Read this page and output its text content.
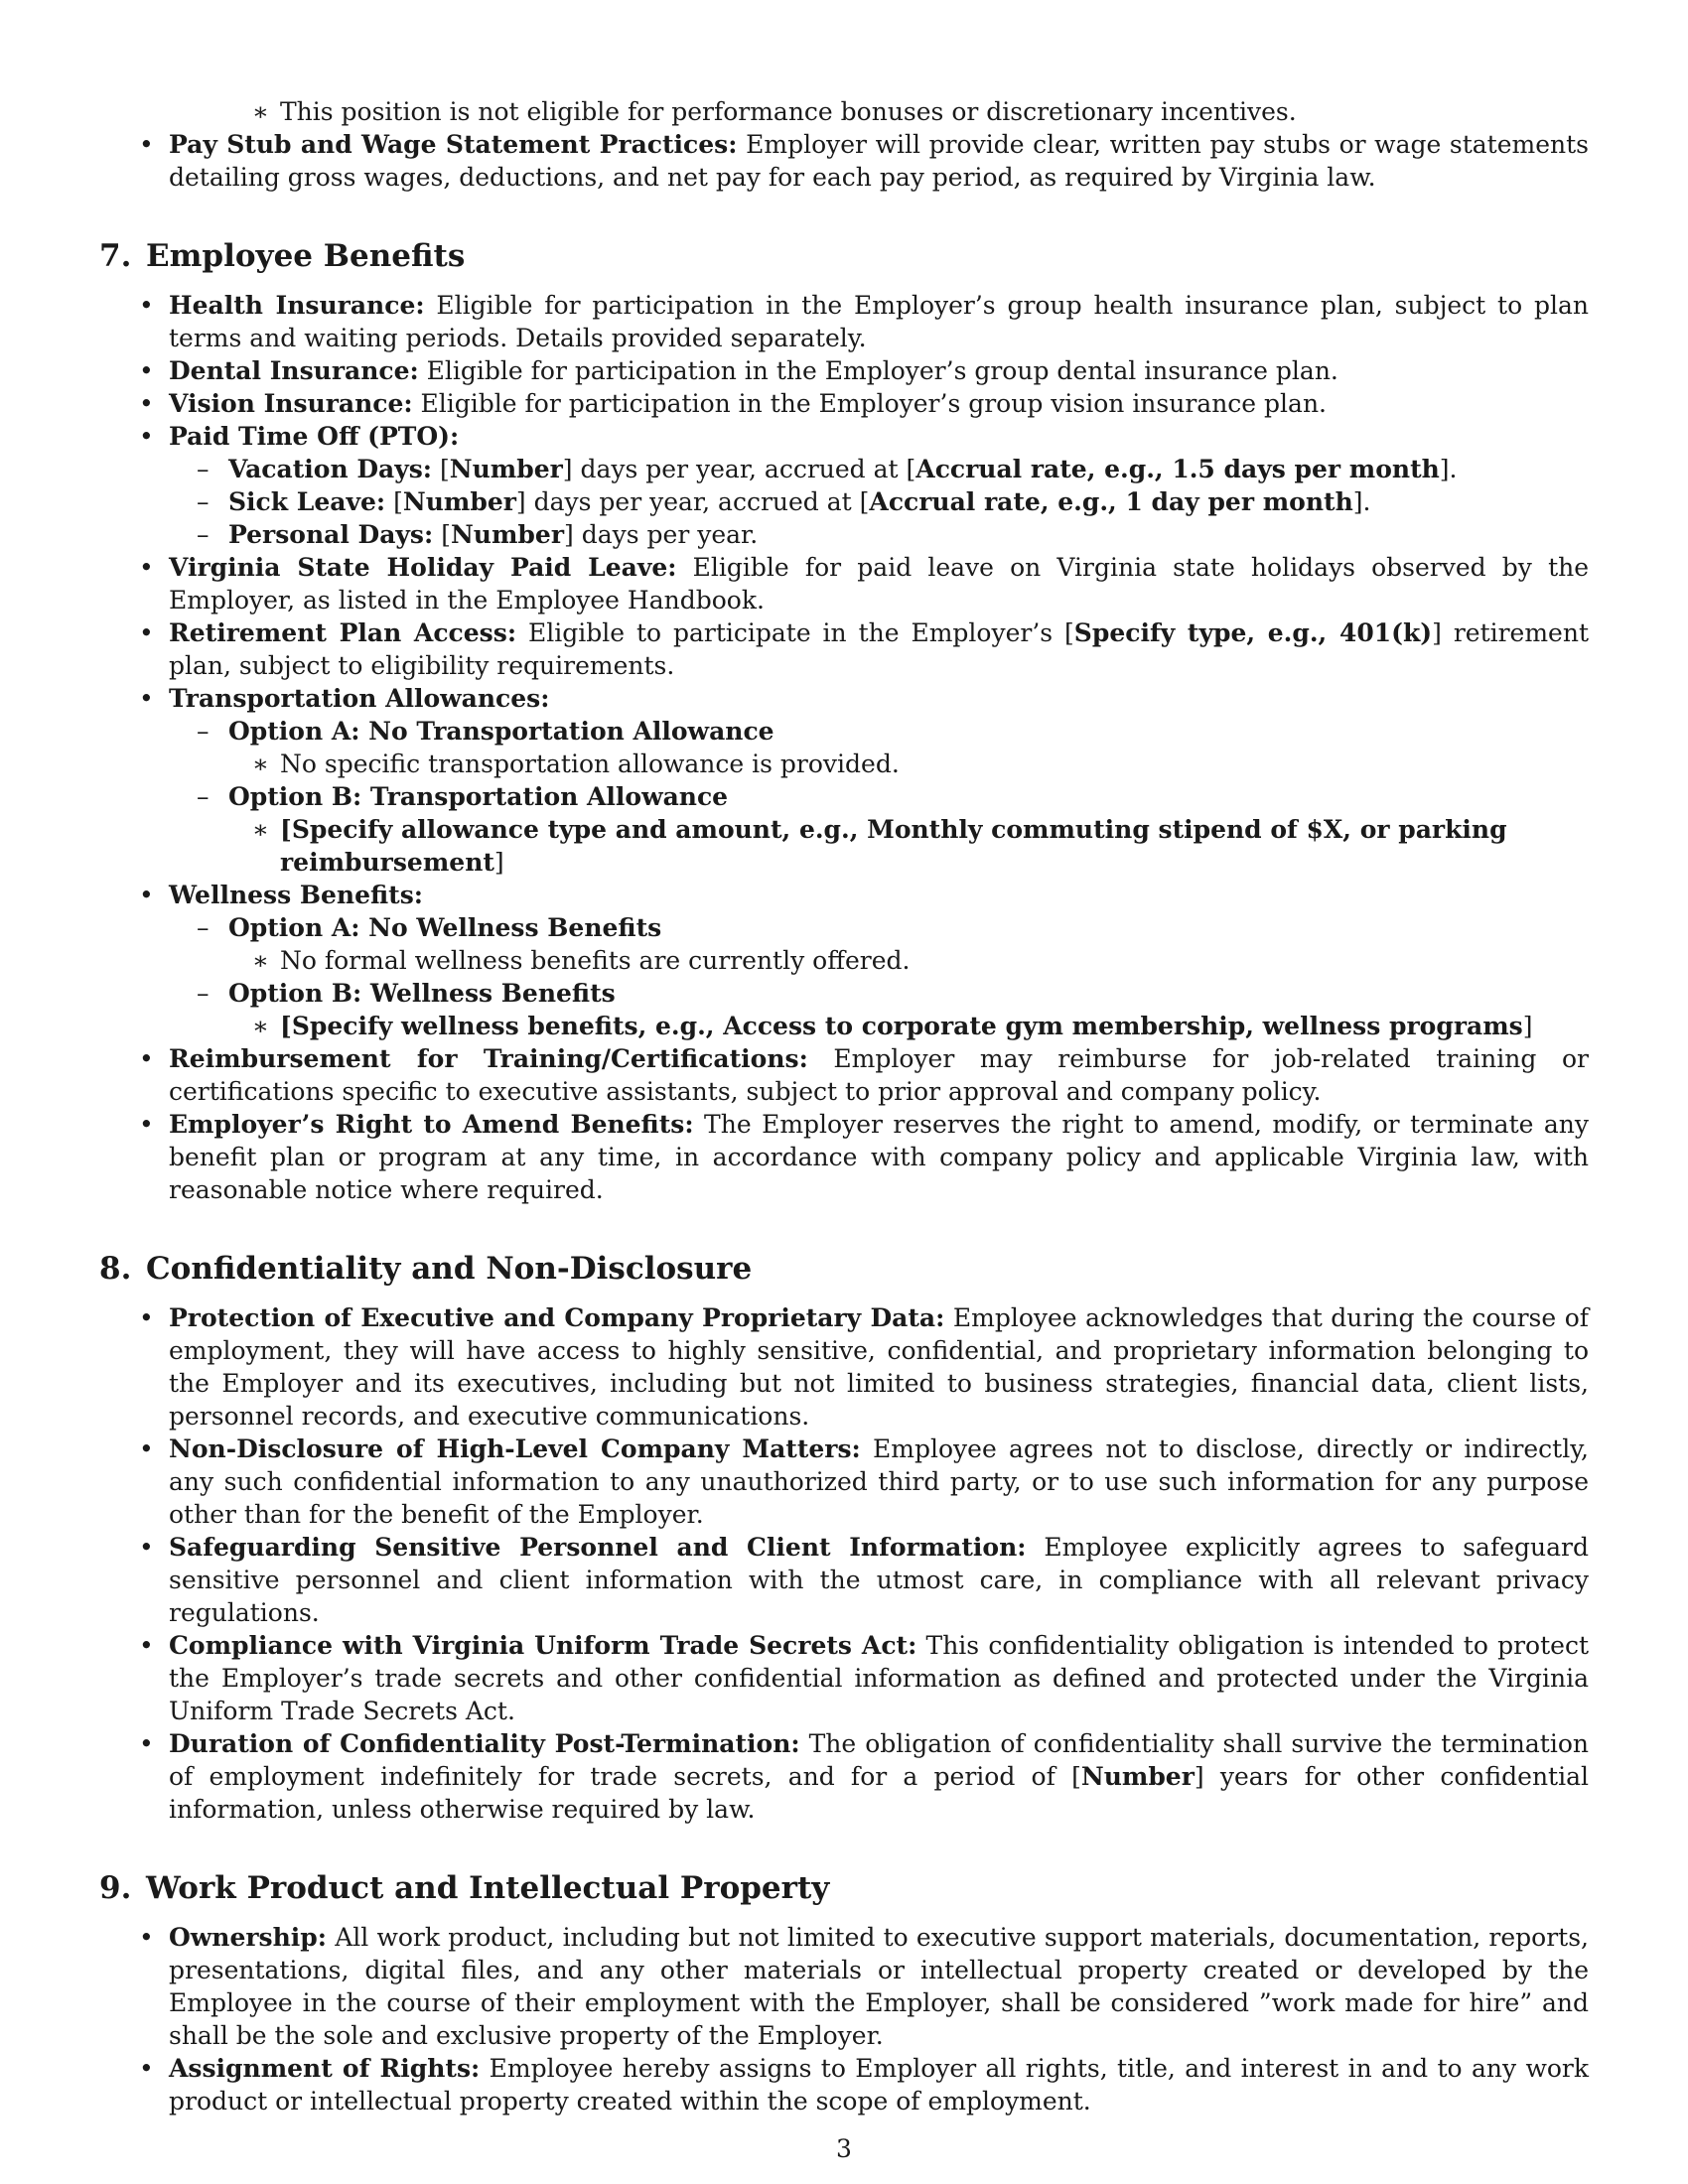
∗ This position is not eligible for performance bonuses or discretionary incentives.
• Pay Stub and Wage Statement Practices: Employer will provide clear, written pay stubs or wage statements detailing gross wages, deductions, and net pay for each pay period, as required by Virginia law.
7. Employee Benefits
• Health Insurance: Eligible for participation in the Employer’s group health insurance plan, subject to plan terms and waiting periods. Details provided separately.
• Dental Insurance: Eligible for participation in the Employer’s group dental insurance plan.
• Vision Insurance: Eligible for participation in the Employer’s group vision insurance plan.
• Paid Time Off (PTO):
– Vacation Days: [Number] days per year, accrued at [Accrual rate, e.g., 1.5 days per month].
– Sick Leave: [Number] days per year, accrued at [Accrual rate, e.g., 1 day per month].
– Personal Days: [Number] days per year.
• Virginia State Holiday Paid Leave: Eligible for paid leave on Virginia state holidays observed by the Employer, as listed in the Employee Handbook.
• Retirement Plan Access: Eligible to participate in the Employer’s [Specify type, e.g., 401(k)] retirement plan, subject to eligibility requirements.
• Transportation Allowances:
– Option A: No Transportation Allowance
∗ No specific transportation allowance is provided.
– Option B: Transportation Allowance
∗ [Specify allowance type and amount, e.g., Monthly commuting stipend of $X, or parking reimbursement]
• Wellness Benefits:
– Option A: No Wellness Benefits
∗ No formal wellness benefits are currently offered.
– Option B: Wellness Benefits
∗ [Specify wellness benefits, e.g., Access to corporate gym membership, wellness programs]
• Reimbursement for Training/Certifications: Employer may reimburse for job-related training or certifications specific to executive assistants, subject to prior approval and company policy.
• Employer’s Right to Amend Benefits: The Employer reserves the right to amend, modify, or terminate any benefit plan or program at any time, in accordance with company policy and applicable Virginia law, with reasonable notice where required.
8. Confidentiality and Non-Disclosure
• Protection of Executive and Company Proprietary Data: Employee acknowledges that during the course of employment, they will have access to highly sensitive, confidential, and proprietary information belonging to the Employer and its executives, including but not limited to business strategies, financial data, client lists, personnel records, and executive communications.
• Non-Disclosure of High-Level Company Matters: Employee agrees not to disclose, directly or indirectly, any such confidential information to any unauthorized third party, or to use such information for any purpose other than for the benefit of the Employer.
• Safeguarding Sensitive Personnel and Client Information: Employee explicitly agrees to safeguard sensitive personnel and client information with the utmost care, in compliance with all relevant privacy regulations.
• Compliance with Virginia Uniform Trade Secrets Act: This confidentiality obligation is intended to protect the Employer’s trade secrets and other confidential information as defined and protected under the Virginia Uniform Trade Secrets Act.
• Duration of Confidentiality Post-Termination: The obligation of confidentiality shall survive the termination of employment indefinitely for trade secrets, and for a period of [Number] years for other confidential information, unless otherwise required by law.
9. Work Product and Intellectual Property
• Ownership: All work product, including but not limited to executive support materials, documentation, reports, presentations, digital files, and any other materials or intellectual property created or developed by the Employee in the course of their employment with the Employer, shall be considered ”work made for hire” and shall be the sole and exclusive property of the Employer.
• Assignment of Rights: Employee hereby assigns to Employer all rights, title, and interest in and to any work product or intellectual property created within the scope of employment.
3
